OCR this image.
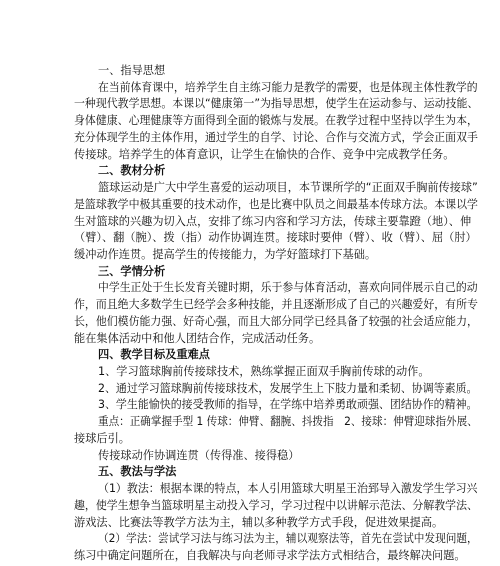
一、指导思想
在当前体育课中，培养学生自主练习能力是教学的需要，也是体现主体性教学的
一种现代教学思想。本课以“健康第一”为指导思想，使学生在运动参与、运动技能、
身体健康、心理健康等方面得到全面的锻炼与发展。在教学过程中坚持以学生为本，
充分体现学生的主体作用，通过学生的自学、讨论、合作与交流方式，学会正面双手
传接球。培养学生的体育意识，让学生在愉快的合作、竞争中完成教学任务。
二、教材分析
篮球运动是广大中学生喜爱的运动项目，本节课所学的“正面双手胸前传接球”
是篮球教学中极其重要的技术动作，也是比赛中队员之间最基本传球方法。本课以学
生对篮球的兴趣为切入点，安排了练习内容和学习方法，传球主要靠蹬（地）、伸
（臂）、翻（腕）、拨（指）动作协调连贯。接球时要伸（臂）、收（臂）、屈（肘）
缓冲动作连贯。提高学生的传接能力，为学好篮球打下基础。
三、学情分析
中学生正处于生长发育关键时期，乐于参与体育活动，喜欢向同伴展示自己的动
作，而且绝大多数学生已经学会多种技能，并且逐渐形成了自己的兴趣爱好，有所专
长，他们模仿能力强、好奇心强，而且大部分同学已经具备了较强的社会适应能力，
能在集体活动中和他人团结合作，完成活动任务。
四、教学目标及重难点
1、学习篮球胸前传接球技术，熟练掌握正面双手胸前传球的动作。
2、通过学习篮球胸前传接球技术，发展学生上下肢力量和柔韧、协调等素质。
3、学生能愉快的接受教师的指导，在学练中培养勇敢顽强、团结协作的精神。
重点：正确掌握手型 1 传球：伸臂、翻腕、抖拨指　2、接球：伸臂迎球指外展、
接球后引。
传接球动作协调连贯（传得准、接得稳）
五、教法与学法
（1）教法：根据本课的特点，本人引用篮球大明星王治郅导入激发学生学习兴
趣，使学生想争当篮球明星主动投入学习，学习过程中以讲解示范法、分解教学法、
游戏法、比赛法等教学方法为主，辅以多种教学方式手段，促进效果提高。
（2）学法：尝试学习法与练习法为主，辅以观察法等，首先在尝试中发现问题，
练习中确定问题所在，自我解决与向老师寻求学法方式相结合，最终解决问题。
